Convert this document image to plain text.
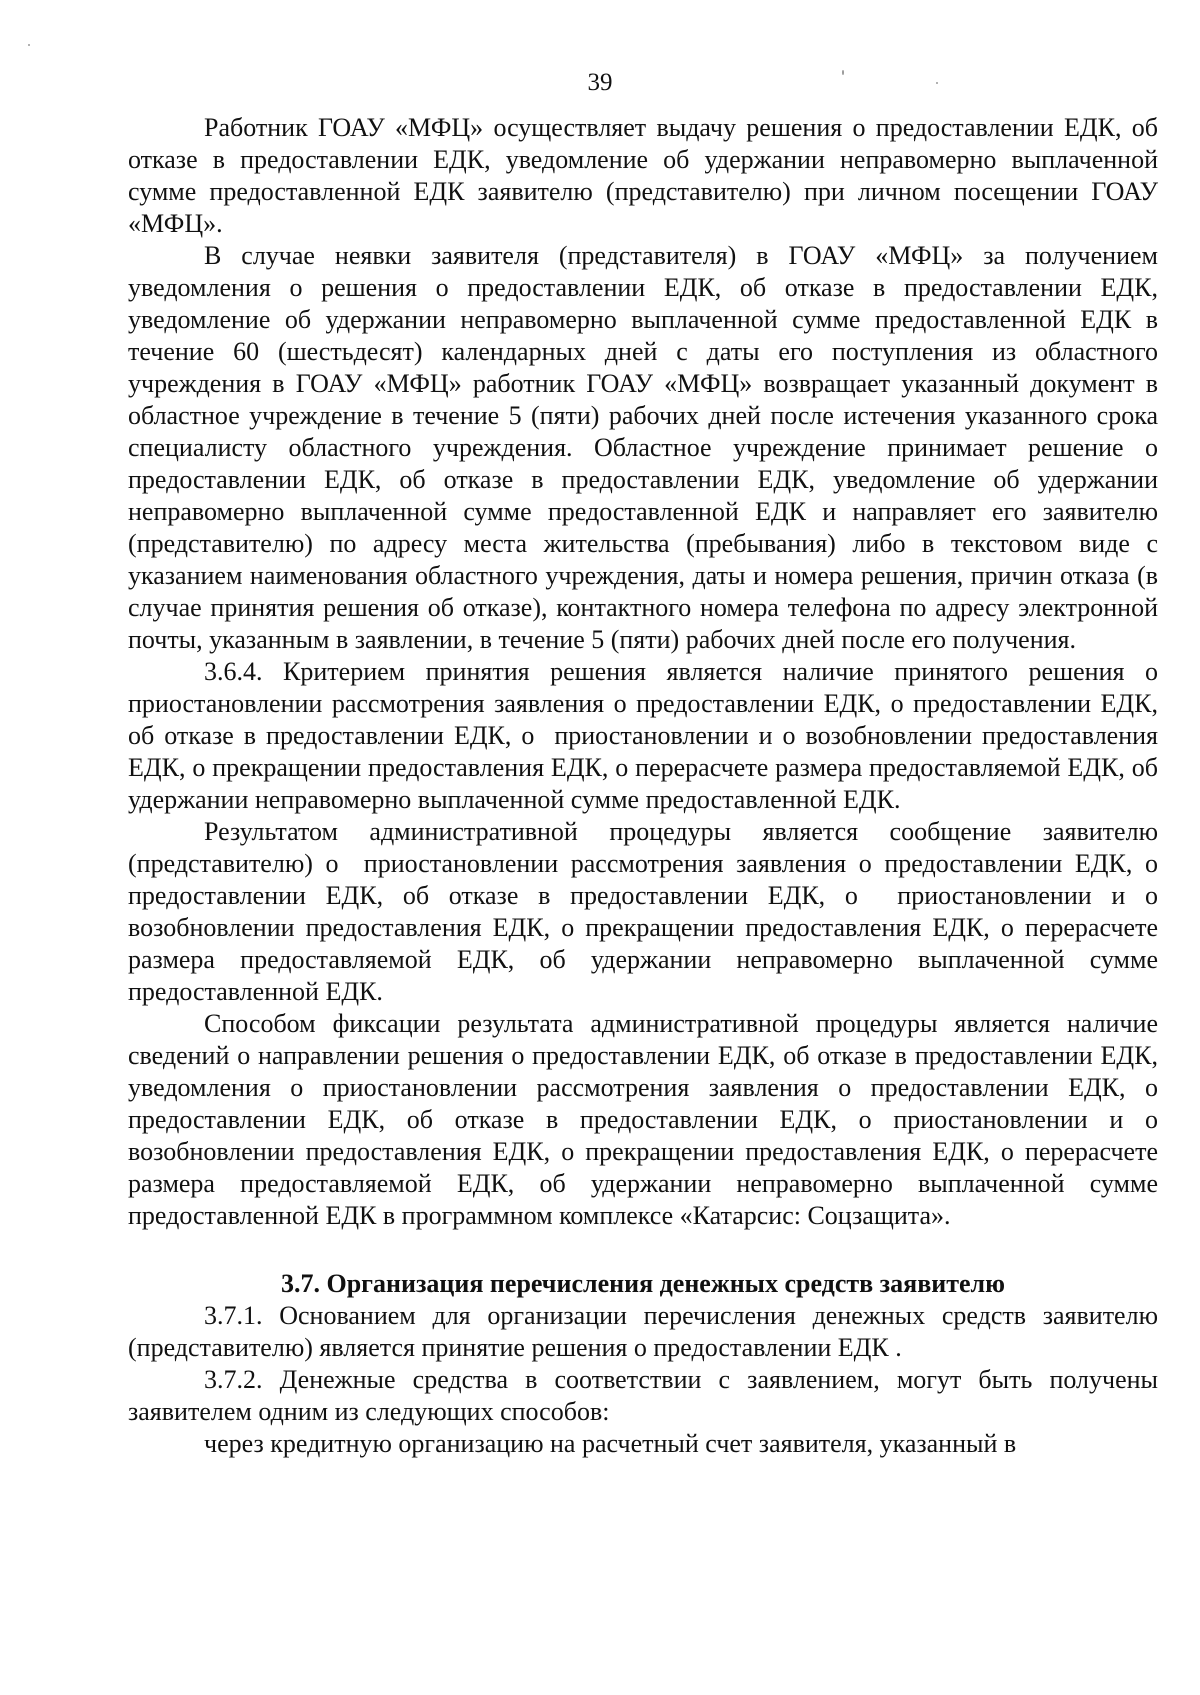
39

Работник ГОАУ «МФЦ» осуществляет выдачу решения о предоставлении ЕДК, об отказе в предоставлении ЕДК, уведомление об удержании неправомерно выплаченной сумме предоставленной ЕДК заявителю (представителю) при личном посещении ГОАУ «МФЦ».

В случае неявки заявителя (представителя) в ГОАУ «МФЦ» за получением уведомления о решения о предоставлении ЕДК, об отказе в предоставлении ЕДК, уведомление об удержании неправомерно выплаченной сумме предоставленной ЕДК в течение 60 (шестьдесят) календарных дней с даты его поступления из областного учреждения в ГОАУ «МФЦ» работник ГОАУ «МФЦ» возвращает указанный документ в областное учреждение в течение 5 (пяти) рабочих дней после истечения указанного срока специалисту областного учреждения. Областное учреждение принимает решение о предоставлении ЕДК, об отказе в предоставлении ЕДК, уведомление об удержании неправомерно выплаченной сумме предоставленной ЕДК и направляет его заявителю (представителю) по адресу места жительства (пребывания) либо в текстовом виде с указанием наименования областного учреждения, даты и номера решения, причин отказа (в случае принятия решения об отказе), контактного номера телефона по адресу электронной почты, указанным в заявлении, в течение 5 (пяти) рабочих дней после его получения.

3.6.4. Критерием принятия решения является наличие принятого решения о приостановлении рассмотрения заявления о предоставлении ЕДК, о предоставлении ЕДК, об отказе в предоставлении ЕДК, о  приостановлении и о возобновлении предоставления ЕДК, о прекращении предоставления ЕДК, о перерасчете размера предоставляемой ЕДК, об удержании неправомерно выплаченной сумме предоставленной ЕДК.

Результатом административной процедуры является сообщение заявителю (представителю) о  приостановлении рассмотрения заявления о предоставлении ЕДК, о предоставлении ЕДК, об отказе в предоставлении ЕДК, о  приостановлении и о возобновлении предоставления ЕДК, о прекращении предоставления ЕДК, о перерасчете размера предоставляемой ЕДК, об удержании неправомерно выплаченной сумме предоставленной ЕДК.

Способом фиксации результата административной процедуры является наличие сведений о направлении решения о предоставлении ЕДК, об отказе в предоставлении ЕДК,  уведомления о приостановлении рассмотрения заявления о предоставлении ЕДК, о предоставлении ЕДК, об отказе в предоставлении ЕДК, о приостановлении и о возобновлении предоставления ЕДК, о прекращении предоставления ЕДК, о перерасчете размера предоставляемой ЕДК, об удержании неправомерно выплаченной сумме предоставленной ЕДК в программном комплексе «Катарсис: Соцзащита».

3.7. Организация перечисления денежных средств заявителю

3.7.1. Основанием для организации перечисления денежных средств заявителю (представителю) является принятие решения о предоставлении ЕДК .

3.7.2. Денежные средства в соответствии с заявлением, могут быть получены заявителем одним из следующих способов:

через кредитную организацию на расчетный счет заявителя, указанный в
